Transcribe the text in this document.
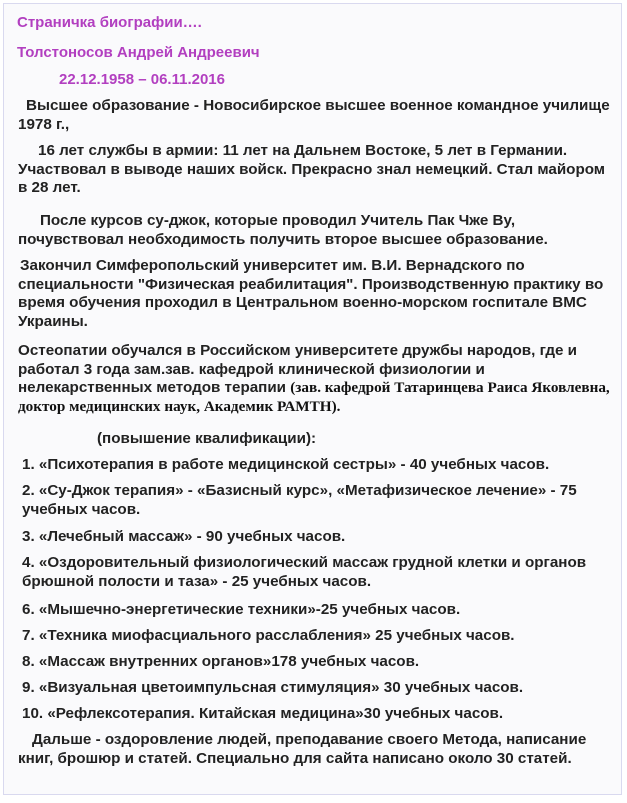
Страничка биографии….
Толстоносов Андрей Андреевич
22.12.1958 – 06.11.2016
Высшее образование - Новосибирское высшее военное командное училище 1978 г.,
16 лет службы в армии: 11 лет на Дальнем Востоке, 5 лет в Германии. Участвовал в выводе наших войск. Прекрасно знал немецкий. Стал майором в 28 лет.
После курсов су-джок, которые проводил Учитель Пак Чже Ву, почувствовал необходимость получить второе высшее образование.
Закончил Симферопольский университет им. В.И. Вернадского по специальности "Физическая реабилитация". Производственную практику во время обучения проходил в Центральном военно-морском госпитале ВМС Украины.
Остеопатии обучался в Российском университете дружбы народов, где и работал 3 года зам.зав. кафедрой клинической физиологии и нелекарственных методов терапии (зав. кафедрой Татаринцева Раиса Яковлевна, доктор медицинских наук, Академик РАМТН).
(повышение квалификации):
1. «Психотерапия в работе медицинской сестры» - 40 учебных часов.
2. «Су-Джок терапия» - «Базисный курс», «Метафизическое лечение» - 75 учебных часов.
3. «Лечебный массаж» - 90 учебных часов.
4. «Оздоровительный физиологический массаж грудной клетки и органов брюшной полости и таза» - 25 учебных часов.
6. «Мышечно-энергетические техники»-25 учебных часов.
7. «Техника миофасциального расслабления» 25 учебных часов.
8. «Массаж внутренних органов»178 учебных часов.
9. «Визуальная цветоимпульсная стимуляция» 30 учебных часов.
10. «Рефлексотерапия. Китайская медицина»30 учебных часов.
Дальше - оздоровление людей, преподавание своего Метода, написание книг, брошюр и статей. Специально для сайта написано около 30 статей.
